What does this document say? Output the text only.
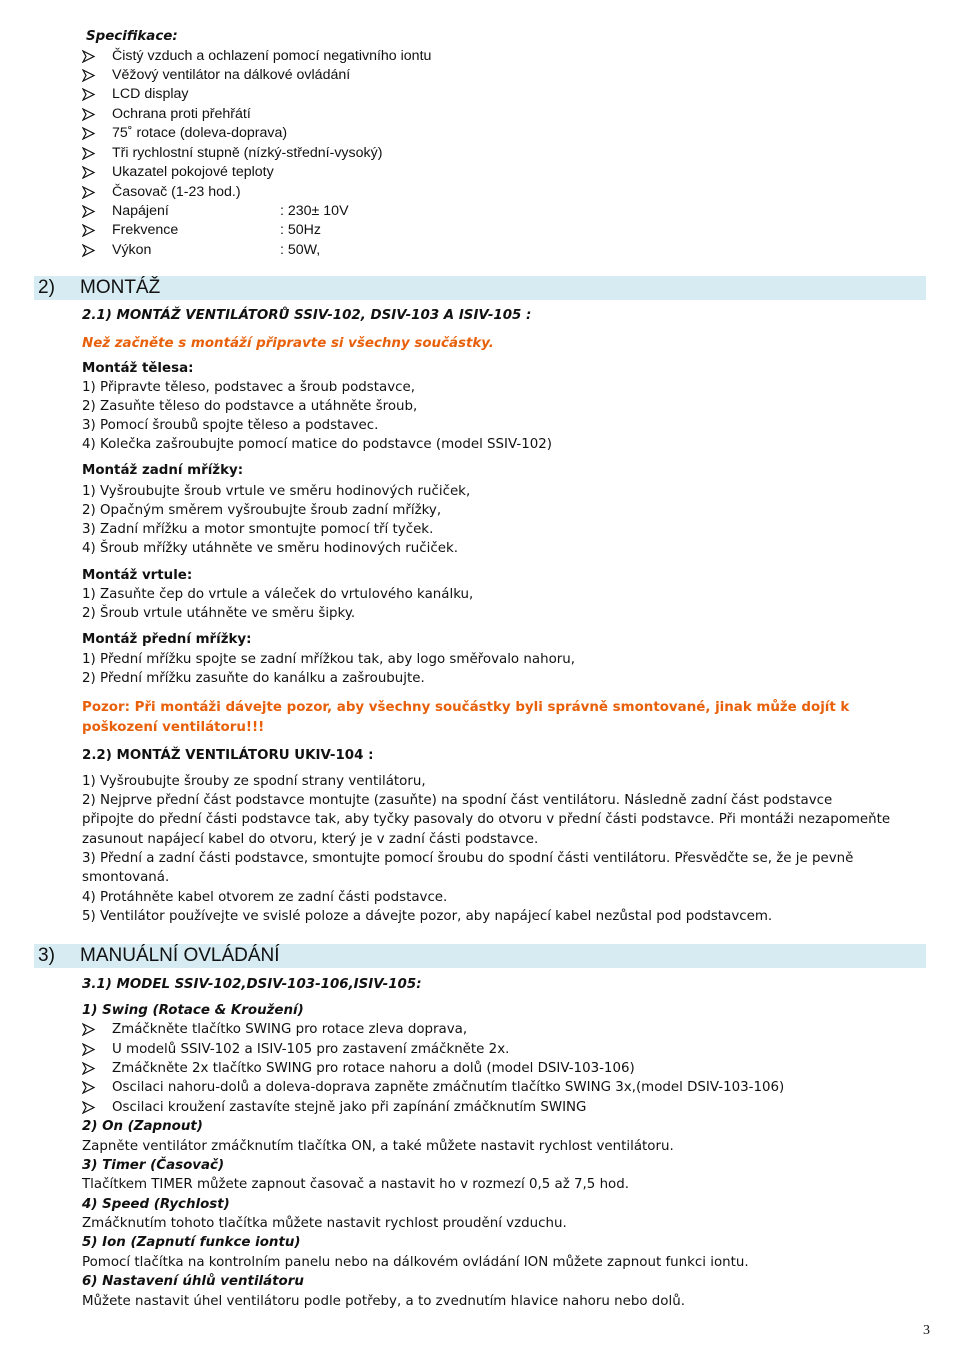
Specifikace:
Čistý vzduch a ochlazení pomocí negativního iontu
Věžový ventilátor na dálkové ovládání
LCD display
Ochrana proti přehřátí
75˚ rotace (doleva-doprava)
Tři rychlostní stupně (nízký-střední-vysoký)
Ukazatel pokojové teploty
Časovač (1-23 hod.)
Napájení	: 230± 10V
Frekvence	: 50Hz
Výkon	: 50W,
2) MONTÁŽ
2.1) MONTÁŽ VENTILÁTORŮ SSIV-102, DSIV-103 A ISIV-105 :
Než začněte s montáží připravte si všechny součástky.
Montáž tělesa:
1) Připravte těleso, podstavec a šroub podstavce,
2) Zasuňte těleso do podstavce a utáhněte šroub,
3) Pomocí šroubů spojte těleso a podstavec.
4) Kolečka zašroubujte pomocí matice do podstavce (model SSIV-102)
Montáž zadní mřížky:
1) Vyšroubujte šroub vrtule ve směru hodinových ručiček,
2) Opačným směrem vyšroubujte šroub zadní mřížky,
3) Zadní mřížku a motor smontujte pomocí tří tyček.
4) Šroub mřížky utáhněte ve směru hodinových ručiček.
Montáž vrtule:
1) Zasuňte čep do vrtule a váleček do vrtulového kanálku,
2) Šroub vrtule utáhněte ve směru šipky.
Montáž přední mřížky:
1) Přední mřížku spojte se zadní mřížkou tak, aby logo směřovalo nahoru,
2) Přední mřížku zasuňte do kanálku a zašroubujte.
Pozor: Při montáži dávejte pozor, aby všechny součástky byli správně smontované, jinak může dojít k
poškození ventilátoru!!!
2.2) MONTÁŽ VENTILÁTORU UKIV-104 :
1) Vyšroubujte šrouby ze spodní strany ventilátoru,
2) Nejprve přední část podstavce montujte (zasuňte) na spodní část ventilátoru. Následně zadní část podstavce
připojte do přední části podstavce tak, aby tyčky pasovaly do otvoru v přední části podstavce. Při montáži nezapomeňte
zasunout napájecí kabel do otvoru, který je v zadní části podstavce.
3) Přední a zadní části podstavce, smontujte pomocí šroubu do spodní části ventilátoru. Přesvědčte se, že je pevně
smontovaná.
4) Protáhněte kabel otvorem ze zadní části podstavce.
5) Ventilátor používejte ve svislé poloze a dávejte pozor, aby napájecí kabel nezůstal pod podstavcem.
3) MANUÁLNÍ OVLÁDÁNÍ
3.1) MODEL SSIV-102,DSIV-103-106,ISIV-105:
1) Swing (Rotace & Kroužení)
Zmáčkněte tlačítko SWING pro rotace zleva doprava,
U modelů SSIV-102 a ISIV-105 pro zastavení zmáčkněte 2x.
Zmáčkněte 2x tlačítko SWING pro rotace nahoru a dolů (model DSIV-103-106)
Oscilaci nahoru-dolů a doleva-doprava zapněte zmáčnutím tlačítko SWING 3x,(model DSIV-103-106)
Oscilaci kroužení zastavíte stejně jako při zapínání zmáčknutím SWING
2) On (Zapnout)
Zapněte ventilátor zmáčknutím tlačítka ON, a také můžete nastavit rychlost ventilátoru.
3) Timer (Časovač)
Tlačítkem TIMER můžete zapnout časovač a nastavit ho v rozmezí 0,5 až 7,5 hod.
4) Speed (Rychlost)
Zmáčknutím tohoto tlačítka můžete nastavit rychlost proudění vzduchu.
5) Ion (Zapnutí funkce iontu)
Pomocí tlačítka na kontrolním panelu nebo na dálkovém ovládání ION můžete zapnout funkci iontu.
6) Nastavení úhlů ventilátoru
Můžete nastavit úhel ventilátoru podle potřeby, a to zvednutím hlavice nahoru nebo dolů.
3
